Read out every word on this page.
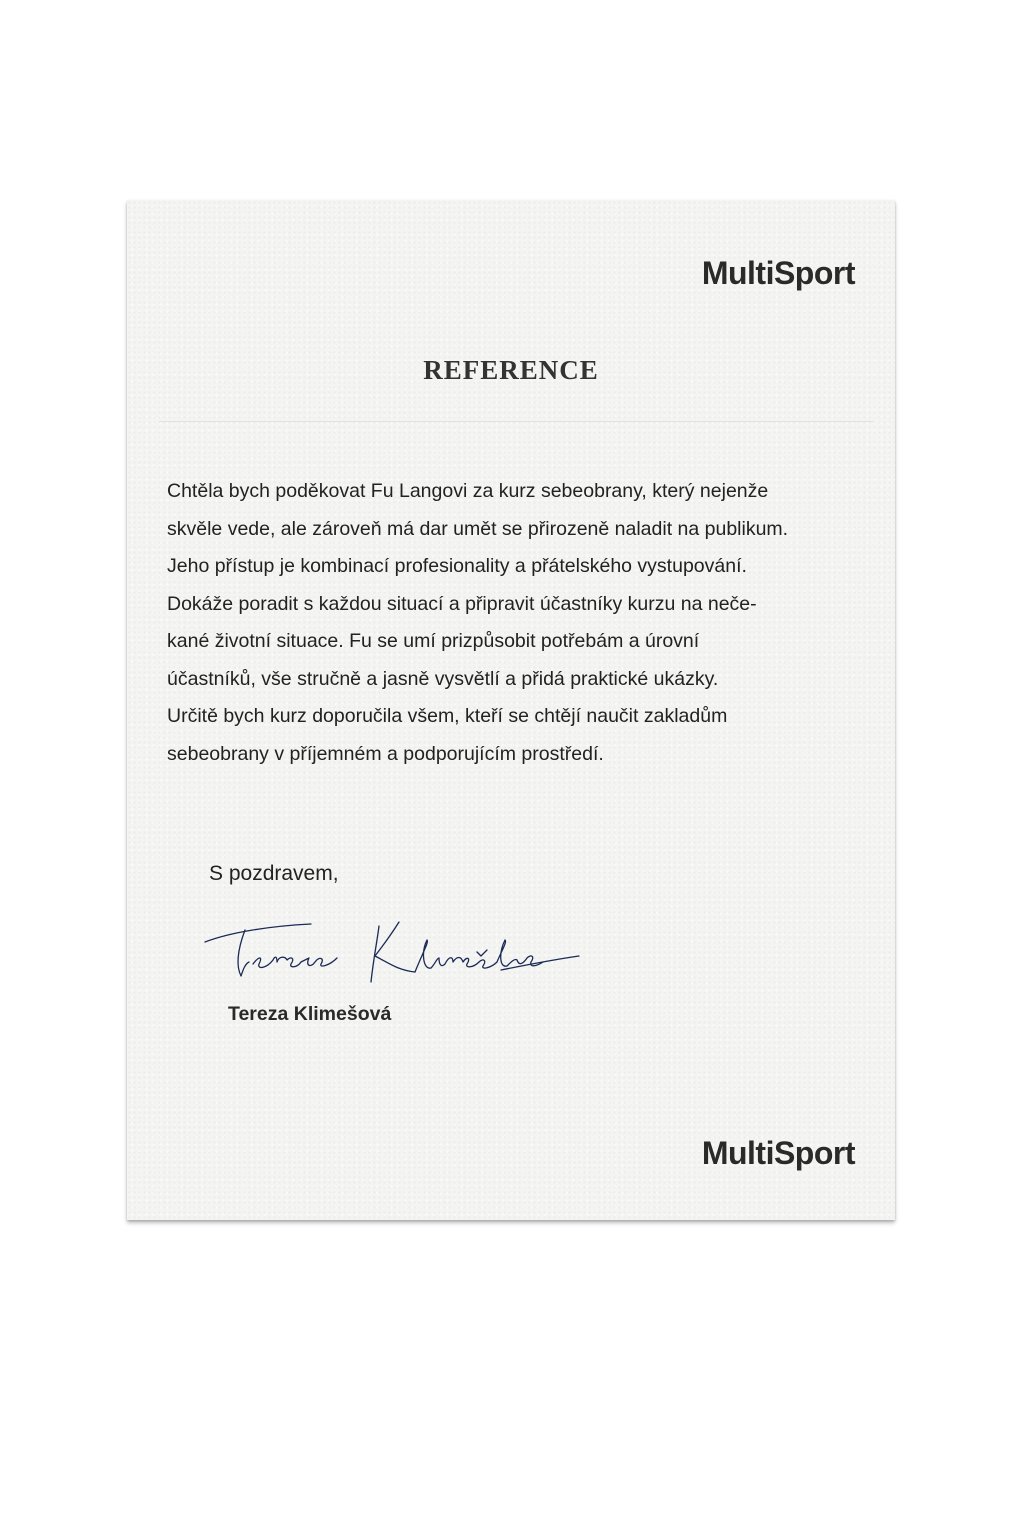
MultiSport
REFERENCE
Chtěla bych poděkovat Fu Langovi za kurz sebeobrany, který nejenže
skvěle vede, ale zároveň má dar umět se přirozeně naladit na publikum.
Jeho přístup je kombinací profesionality a přátelského vystupování.
Dokáže poradit s každou situací a připravit účastníky kurzu na neče-
kané životní situace. Fu se umí prizpůsobit potřebám a úrovní
účastníků, vše stručně a jasně vysvětlí a přidá praktické ukázky.
Určitě bych kurz doporučila všem, kteří se chtějí naučit zakladům
sebeobrany v příjemném a podporujícím prostředí.
S pozdravem,
Tereza Klimešová
MultiSport
